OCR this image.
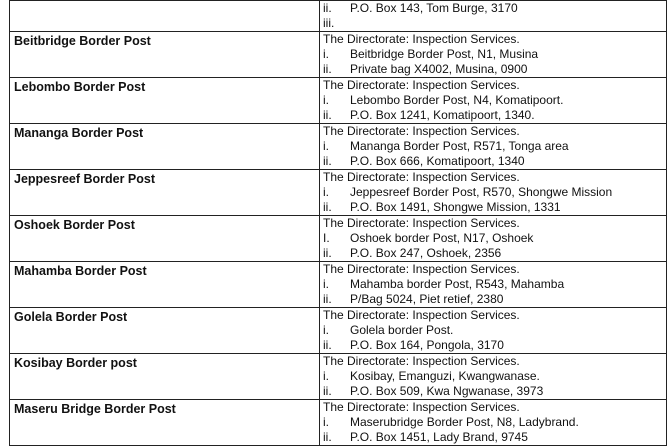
	ii. P.O. Box 143, Tom Burge, 3170
iii.

Beitbridge Border Post	The Directorate: Inspection Services.
i. Beitbridge Border Post, N1, Musina
ii. Private bag X4002, Musina, 0900

Lebombo Border Post	The Directorate: Inspection Services.
i. Lebombo Border Post, N4, Komatipoort.
ii. P.O. Box 1241, Komatipoort, 1340.

Mananga Border Post	The Directorate: Inspection Services.
i. Mananga Border Post, R571, Tonga area
ii. P.O. Box 666, Komatipoort, 1340

Jeppesreef Border Post	The Directorate: Inspection Services.
i. Jeppesreef Border Post, R570, Shongwe Mission
ii. P.O. Box 1491, Shongwe Mission, 1331

Oshoek Border Post	The Directorate: Inspection Services.
I. Oshoek border Post, N17, Oshoek
ii. P.O. Box 247, Oshoek, 2356

Mahamba Border Post	The Directorate: Inspection Services.
i. Mahamba border Post, R543, Mahamba
ii. P/Bag 5024, Piet retief, 2380

Golela Border Post	The Directorate: Inspection Services.
i. Golela border Post.
ii. P.O. Box 164, Pongola, 3170

Kosibay Border post	The Directorate: Inspection Services.
i. Kosibay, Emanguzi, Kwangwanase.
ii. P.O. Box 509, Kwa Ngwanase, 3973

Maseru Bridge Border Post	The Directorate: Inspection Services.
i. Maserubridge Border Post, N8, Ladybrand.
ii. P.O. Box 1451, Lady Brand, 9745
